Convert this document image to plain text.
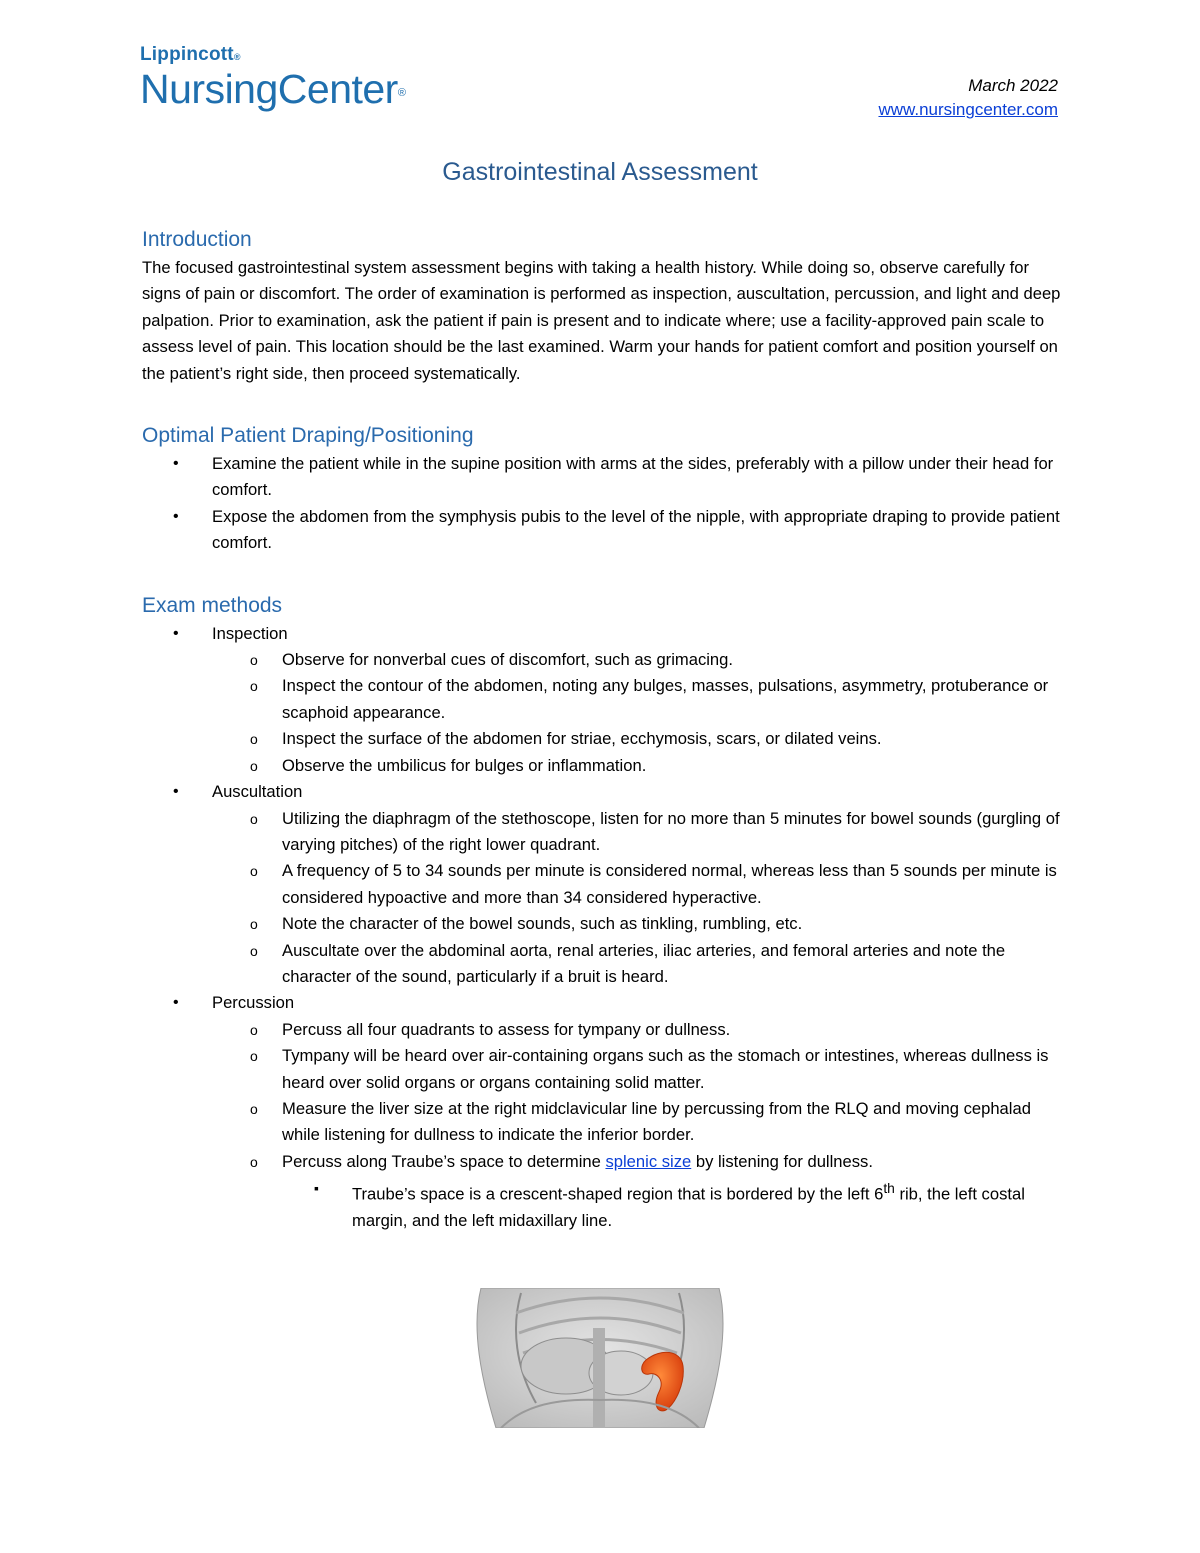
Lippincott®
NursingCenter®	March 2022
www.nursingcenter.com
Gastrointestinal Assessment
Introduction

The focused gastrointestinal system assessment begins with taking a health history. While doing so, observe carefully for signs of pain or discomfort. The order of examination is performed as inspection, auscultation, percussion, and light and deep palpation. Prior to examination, ask the patient if pain is present and to indicate where; use a facility-approved pain scale to assess level of pain. This location should be the last examined. Warm your hands for patient comfort and position yourself on the patient’s right side, then proceed systematically.

Optimal Patient Draping/Positioning
• Examine the patient while in the supine position with arms at the sides, preferably with a pillow under their head for comfort.
• Expose the abdomen from the symphysis pubis to the level of the nipple, with appropriate draping to provide patient comfort.
Exam methods
• Inspection
o Observe for nonverbal cues of discomfort, such as grimacing.
o Inspect the contour of the abdomen, noting any bulges, masses, pulsations, asymmetry, protuberance or scaphoid appearance.
o Inspect the surface of the abdomen for striae, ecchymosis, scars, or dilated veins.
o Observe the umbilicus for bulges or inflammation.
• Auscultation
o Utilizing the diaphragm of the stethoscope, listen for no more than 5 minutes for bowel sounds (gurgling of varying pitches) of the right lower quadrant.
o A frequency of 5 to 34 sounds per minute is considered normal, whereas less than 5 sounds per minute is considered hypoactive and more than 34 considered hyperactive.
o Note the character of the bowel sounds, such as tinkling, rumbling, etc.
o Auscultate over the abdominal aorta, renal arteries, iliac arteries, and femoral arteries and note the character of the sound, particularly if a bruit is heard.
• Percussion
o Percuss all four quadrants to assess for tympany or dullness.
o Tympany will be heard over air-containing organs such as the stomach or intestines, whereas dullness is heard over solid organs or organs containing solid matter.
o Measure the liver size at the right midclavicular line by percussing from the RLQ and moving cephalad while listening for dullness to indicate the inferior border.
o Percuss along Traube’s space to determine splenic size by listening for dullness.
▪ Traube’s space is a crescent-shaped region that is bordered by the left 6th rib, the left costal margin, and the left midaxillary line.
